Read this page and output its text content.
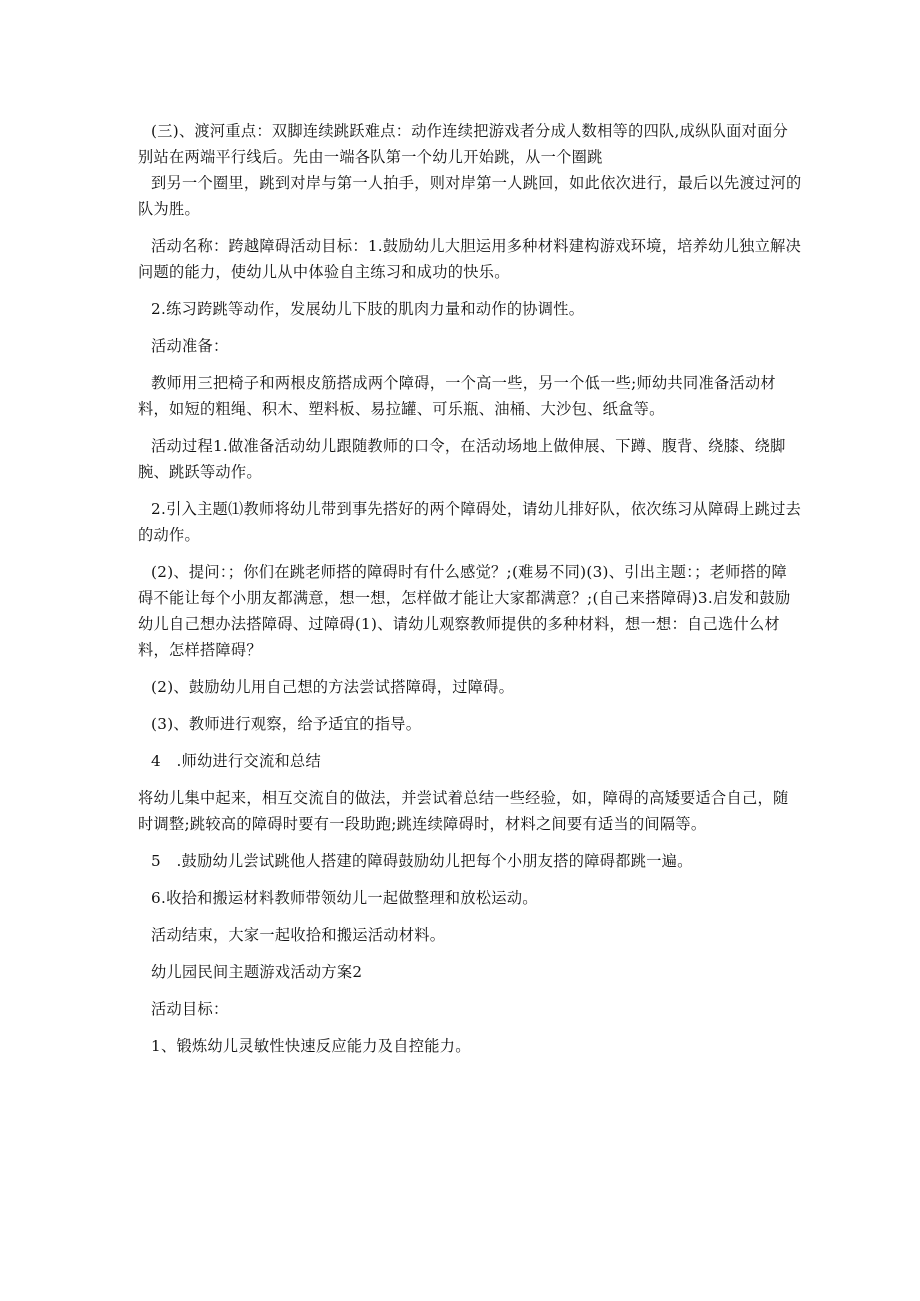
(三)、渡河重点：双脚连续跳跃难点：动作连续把游戏者分成人数相等的四队,成纵队面对面分别站在两端平行线后。先由一端各队第一个幼儿开始跳，从一个圈跳

到另一个圈里，跳到对岸与第一人拍手，则对岸第一人跳回，如此依次进行，最后以先渡过河的队为胜。

活动名称：跨越障碍活动目标：1.鼓励幼儿大胆运用多种材料建构游戏环境，培养幼儿独立解决问题的能力，使幼儿从中体验自主练习和成功的快乐。

2.练习跨跳等动作，发展幼儿下肢的肌肉力量和动作的协调性。

活动准备：

教师用三把椅子和两根皮筋搭成两个障碍，一个高一些，另一个低一些;师幼共同准备活动材料，如短的粗绳、积木、塑料板、易拉罐、可乐瓶、油桶、大沙包、纸盒等。

活动过程1.做准备活动幼儿跟随教师的口令，在活动场地上做伸展、下蹲、腹背、绕膝、绕脚腕、跳跃等动作。

2.引入主题⑴教师将幼儿带到事先搭好的两个障碍处，请幼儿排好队，依次练习从障碍上跳过去的动作。

(2)、提问：；你们在跳老师搭的障碍时有什么感觉？;(难易不同)(3)、引出主题：；老师搭的障碍不能让每个小朋友都满意，想一想，怎样做才能让大家都满意？;(自己来搭障碍)3.启发和鼓励幼儿自己想办法搭障碍、过障碍(1)、请幼儿观察教师提供的多种材料，想一想：自己选什么材料，怎样搭障碍？

(2)、鼓励幼儿用自己想的方法尝试搭障碍，过障碍。

(3)、教师进行观察，给予适宜的指导。

4　.师幼进行交流和总结

将幼儿集中起来，相互交流自的做法，并尝试着总结一些经验，如，障碍的高矮要适合自己，随时调整;跳较高的障碍时要有一段助跑;跳连续障碍时，材料之间要有适当的间隔等。

5　.鼓励幼儿尝试跳他人搭建的障碍鼓励幼儿把每个小朋友搭的障碍都跳一遍。

6.收拾和搬运材料教师带领幼儿一起做整理和放松运动。

活动结束，大家一起收拾和搬运活动材料。

幼儿园民间主题游戏活动方案2

活动目标：

1、锻炼幼儿灵敏性快速反应能力及自控能力。
